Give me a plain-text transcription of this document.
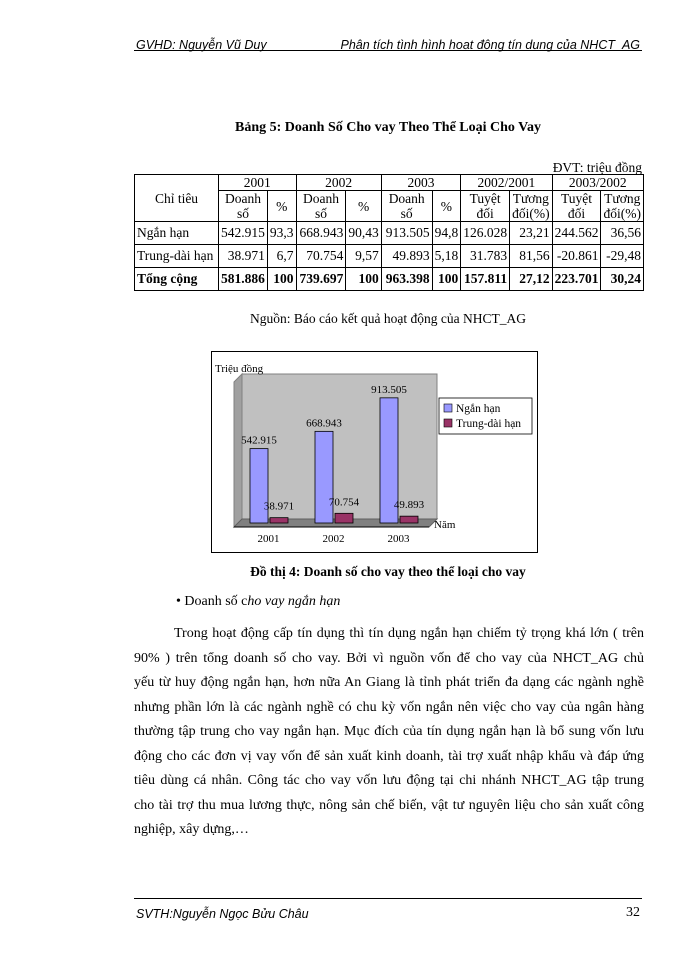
GVHD: Nguyễn Vũ Duy	Phân tích tình hình hoạt động tín dụng của NHCT_AG
Bảng 5: Doanh Số Cho vay Theo Thể Loại Cho Vay
ĐVT: triệu đồng
Chỉ tiêu	2001		2002		2003		2002/2001		2003/2002	
	Doanh số	%	Doanh số	%	Doanh số	%	Tuyệt đối	Tương đối(%)	Tuyệt đối	Tương đối(%)
Ngắn hạn	542.915	93,3	668.943	90,43	913.505	94,8	126.028	23,21	244.562	36,56
Trung-dài hạn	38.971	6,7	70.754	9,57	49.893	5,18	31.783	81,56	-20.861	-29,48
Tổng cộng	581.886	100	739.697	100	963.398	100	157.811	27,12	223.701	30,24
Nguồn: Báo cáo kết quả hoạt động của NHCT_AG
542.915
668.943
913.505
38.971	70.754	49.893
2001	2002	2003
Triệu đồng
Năm
Ngắn hạn
Trung-dài hạn
Đồ thị 4: Doanh số cho vay theo thể loại cho vay
• Doanh số cho vay ngắn hạn
Trong hoạt động cấp tín dụng thì tín dụng ngắn hạn chiếm tỷ trọng khá lớn ( trên
90% ) trên tổng doanh số cho vay. Bởi vì nguồn vốn để cho vay của NHCT_AG chủ
yếu từ huy động ngắn hạn, hơn nữa An Giang là tỉnh phát triển đa dạng các ngành nghề
nhưng phần lớn là các ngành nghề có chu kỳ vốn ngắn nên việc cho vay của ngân hàng
thường tập trung cho vay ngắn hạn. Mục đích của tín dụng ngắn hạn là bổ sung vốn lưu
động cho các đơn vị vay vốn để sản xuất kinh doanh, tài trợ xuất nhập khẩu và đáp ứng
tiêu dùng cá nhân. Công tác cho vay vốn lưu động tại chi nhánh NHCT_AG tập trung
cho tài trợ thu mua lương thực, nông sản chế biến, vật tư nguyên liệu cho sản xuất công
nghiệp, xây dựng,…
SVTH:Nguyễn Ngọc Bửu Châu	32
